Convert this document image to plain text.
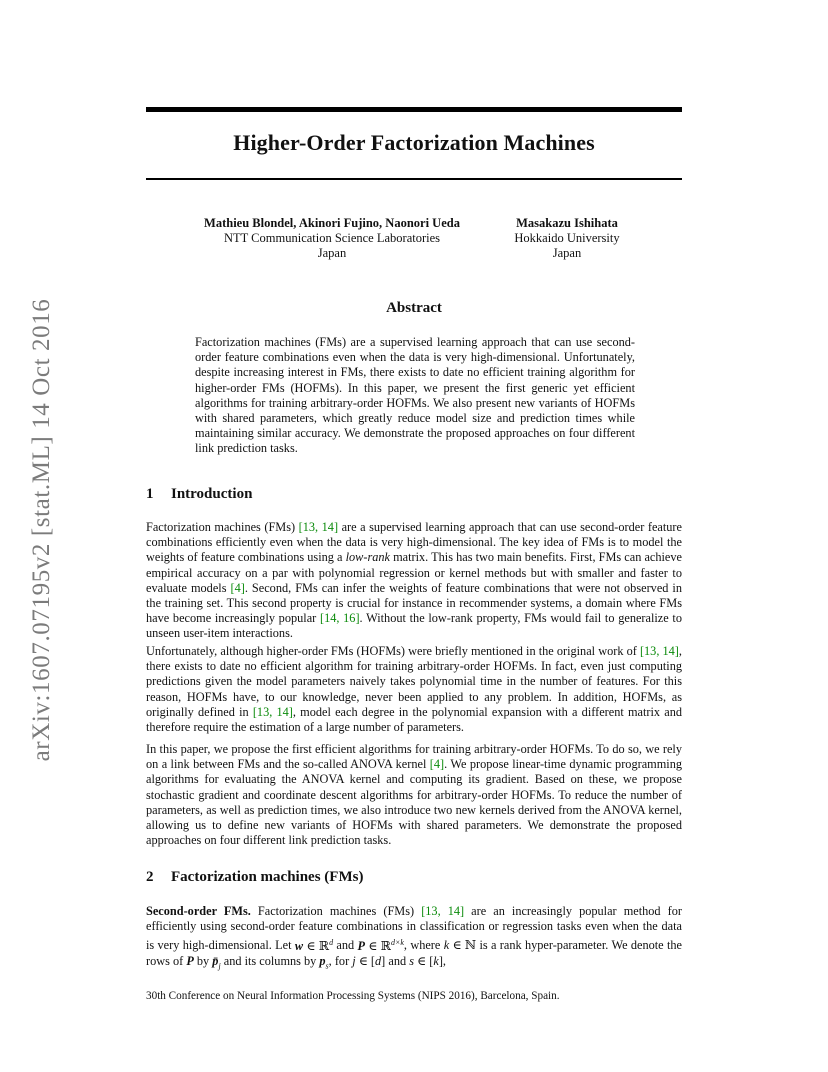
arXiv:1607.07195v2 [stat.ML] 14 Oct 2016
Higher-Order Factorization Machines
Mathieu Blondel, Akinori Fujino, Naonori Ueda
NTT Communication Science Laboratories
Japan
Masakazu Ishihata
Hokkaido University
Japan
Abstract
Factorization machines (FMs) are a supervised learning approach that can use second-order feature combinations even when the data is very high-dimensional. Unfortunately, despite increasing interest in FMs, there exists to date no efficient training algorithm for higher-order FMs (HOFMs). In this paper, we present the first generic yet efficient algorithms for training arbitrary-order HOFMs. We also present new variants of HOFMs with shared parameters, which greatly reduce model size and prediction times while maintaining similar accuracy. We demonstrate the proposed approaches on four different link prediction tasks.
1 Introduction

Factorization machines (FMs) [13, 14] are a supervised learning approach that can use second-order feature combinations efficiently even when the data is very high-dimensional. The key idea of FMs is to model the weights of feature combinations using a low-rank matrix. This has two main benefits. First, FMs can achieve empirical accuracy on a par with polynomial regression or kernel methods but with smaller and faster to evaluate models [4]. Second, FMs can infer the weights of feature combinations that were not observed in the training set. This second property is crucial for instance in recommender systems, a domain where FMs have become increasingly popular [14, 16]. Without the low-rank property, FMs would fail to generalize to unseen user-item interactions.

Unfortunately, although higher-order FMs (HOFMs) were briefly mentioned in the original work of [13, 14], there exists to date no efficient algorithm for training arbitrary-order HOFMs. In fact, even just computing predictions given the model parameters naively takes polynomial time in the number of features. For this reason, HOFMs have, to our knowledge, never been applied to any problem. In addition, HOFMs, as originally defined in [13, 14], model each degree in the polynomial expansion with a different matrix and therefore require the estimation of a large number of parameters.

In this paper, we propose the first efficient algorithms for training arbitrary-order HOFMs. To do so, we rely on a link between FMs and the so-called ANOVA kernel [4]. We propose linear-time dynamic programming algorithms for evaluating the ANOVA kernel and computing its gradient. Based on these, we propose stochastic gradient and coordinate descent algorithms for arbitrary-order HOFMs. To reduce the number of parameters, as well as prediction times, we also introduce two new kernels derived from the ANOVA kernel, allowing us to define new variants of HOFMs with shared parameters. We demonstrate the proposed approaches on four different link prediction tasks.

2 Factorization machines (FMs)

Second-order FMs. Factorization machines (FMs) [13, 14] are an increasingly popular method for efficiently using second-order feature combinations in classification or regression tasks even when the data is very high-dimensional. Let w ∈ ℝ$^d$ and P ∈ ℝ$^{d\times k}$, where k ∈ ℕ is a rank hyper-parameter. We denote the rows of P by $p̄_j$ and its columns by $p_s$, for j ∈ [d] and s ∈ [k],

30th Conference on Neural Information Processing Systems (NIPS 2016), Barcelona, Spain.
